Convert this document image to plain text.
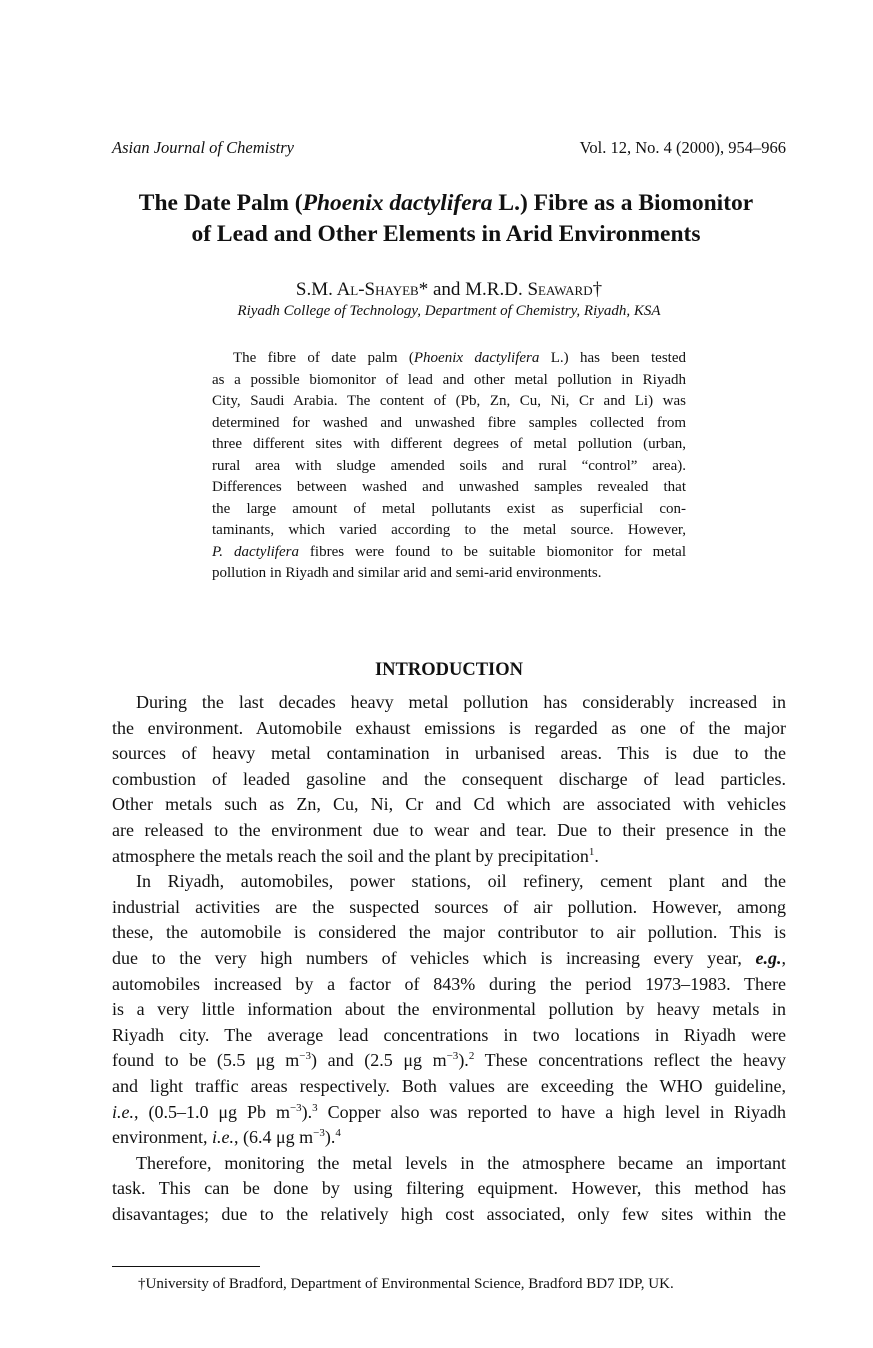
Asian Journal of Chemistry	Vol. 12, No. 4 (2000), 954–966
The Date Palm (Phoenix dactylifera L.) Fibre as a Biomonitor
of Lead and Other Elements in Arid Environments
S.M. Al-Shayeb* and M.R.D. Seaward†
Riyadh College of Technology, Department of Chemistry, Riyadh, KSA
The fibre of date palm (Phoenix dactylifera L.) has been tested
as a possible biomonitor of lead and other metal pollution in Riyadh
City, Saudi Arabia. The content of (Pb, Zn, Cu, Ni, Cr and Li) was
determined for washed and unwashed fibre samples collected from
three different sites with different degrees of metal pollution (urban,
rural area with sludge amended soils and rural “control” area).
Differences between washed and unwashed samples revealed that
the large amount of metal pollutants exist as superficial con-
taminants, which varied according to the metal source. However,
P. dactylifera fibres were found to be suitable biomonitor for metal
pollution in Riyadh and similar arid and semi-arid environments.
INTRODUCTION
During the last decades heavy metal pollution has considerably increased in
the environment. Automobile exhaust emissions is regarded as one of the major
sources of heavy metal contamination in urbanised areas. This is due to the
combustion of leaded gasoline and the consequent discharge of lead particles.
Other metals such as Zn, Cu, Ni, Cr and Cd which are associated with vehicles
are released to the environment due to wear and tear. Due to their presence in the
atmosphere the metals reach the soil and the plant by precipitation$^1$.
In Riyadh, automobiles, power stations, oil refinery, cement plant and the
industrial activities are the suspected sources of air pollution. However, among
these, the automobile is considered the major contributor to air pollution. This is
due to the very high numbers of vehicles which is increasing every year, e.g.,
automobiles increased by a factor of 843% during the period 1973–1983. There
is a very little information about the environmental pollution by heavy metals in
Riyadh city. The average lead concentrations in two locations in Riyadh were
found to be (5.5 μg $m^{-3}$) and (2.5 μg $m^{-3}).^2$ These concentrations reflect the heavy
and light traffic areas respectively. Both values are exceeding the WHO guideline,
i.e., (0.5–1.0 μg Pb $m^{-3}).^3$ Copper also was reported to have a high level in Riyadh
environment, i.e., (6.4 μg $m^{-3}).^4$
Therefore, monitoring the metal levels in the atmosphere became an important
task. This can be done by using filtering equipment. However, this method has
disavantages; due to the relatively high cost associated, only few sites within the
†University of Bradford, Department of Environmental Science, Bradford BD7 IDP, UK.
